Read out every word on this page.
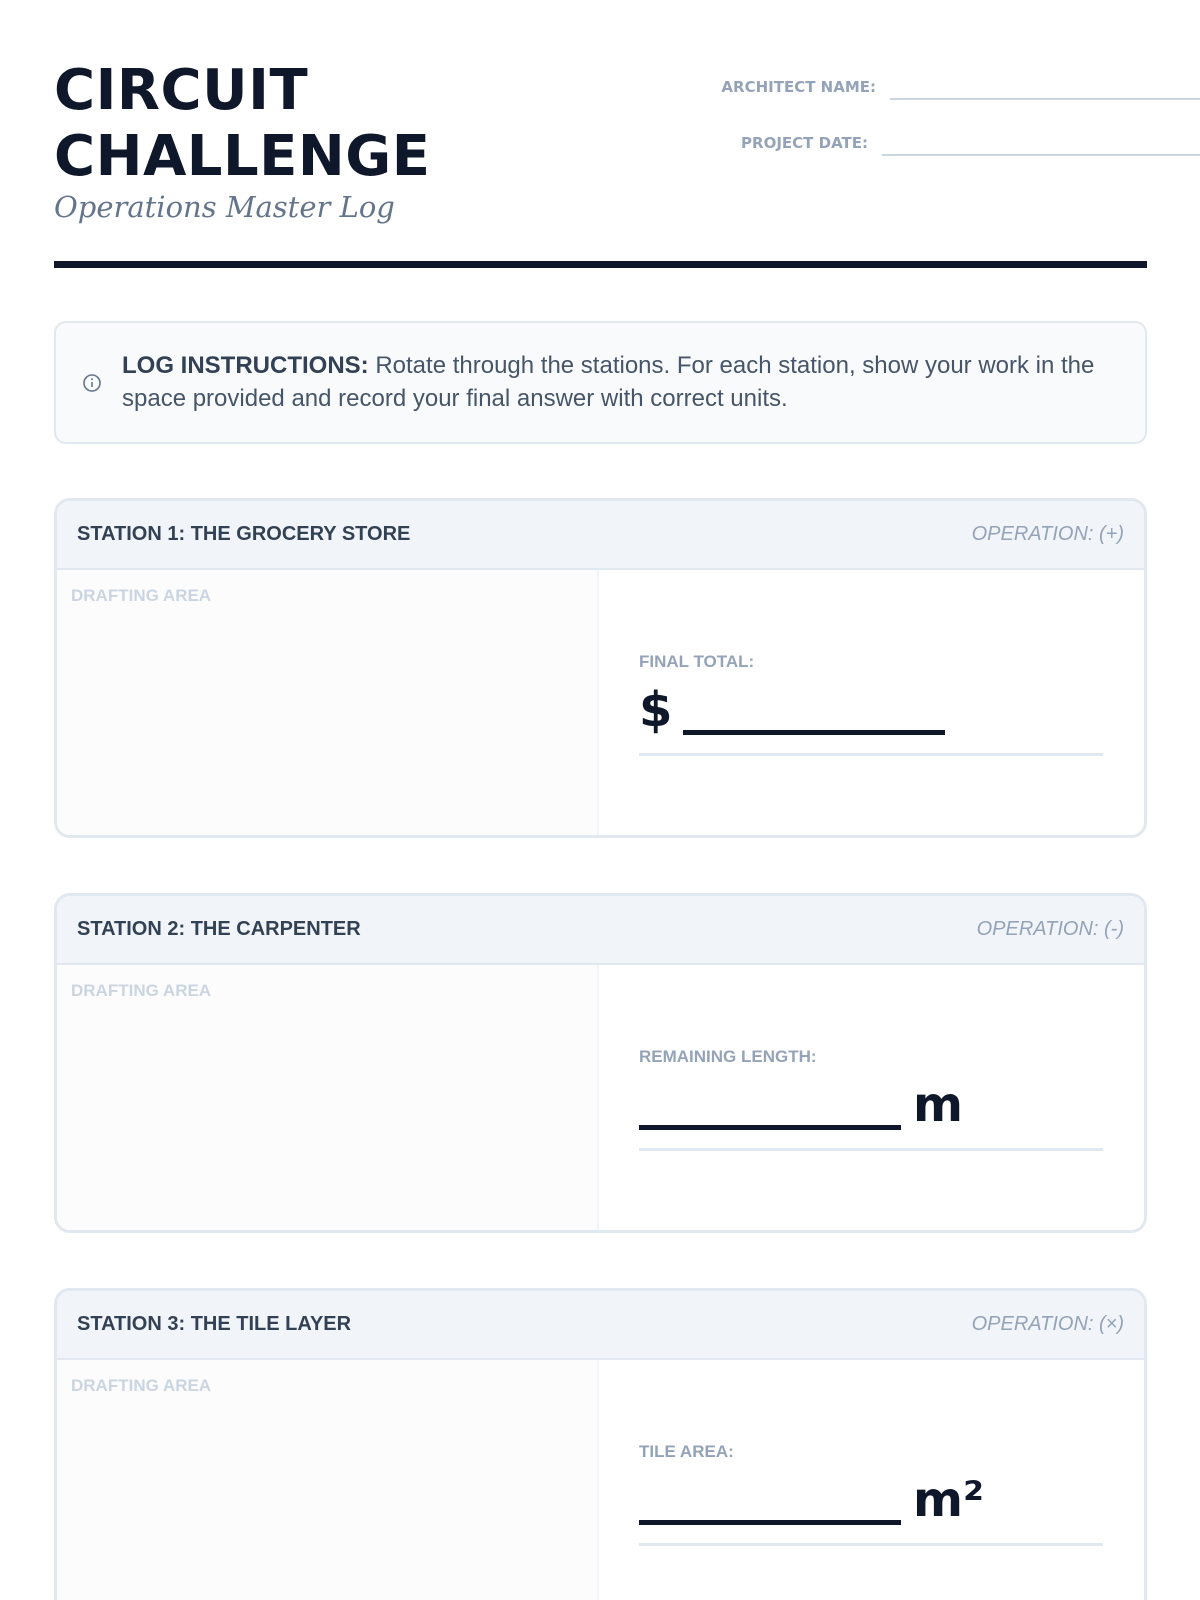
CIRCUIT CHALLENGE
Operations Master Log
ARCHITECT NAME:
PROJECT DATE:
LOG INSTRUCTIONS: Rotate through the stations. For each station, show your work in the space provided and record your final answer with correct units.
STATION 1: THE GROCERY STORE	OPERATION: (+)
DRAFTING AREA
FINAL TOTAL:
$
STATION 2: THE CARPENTER	OPERATION: (-)
DRAFTING AREA
REMAINING LENGTH:
m
STATION 3: THE TILE LAYER	OPERATION: (×)
DRAFTING AREA
TILE AREA:
m²
